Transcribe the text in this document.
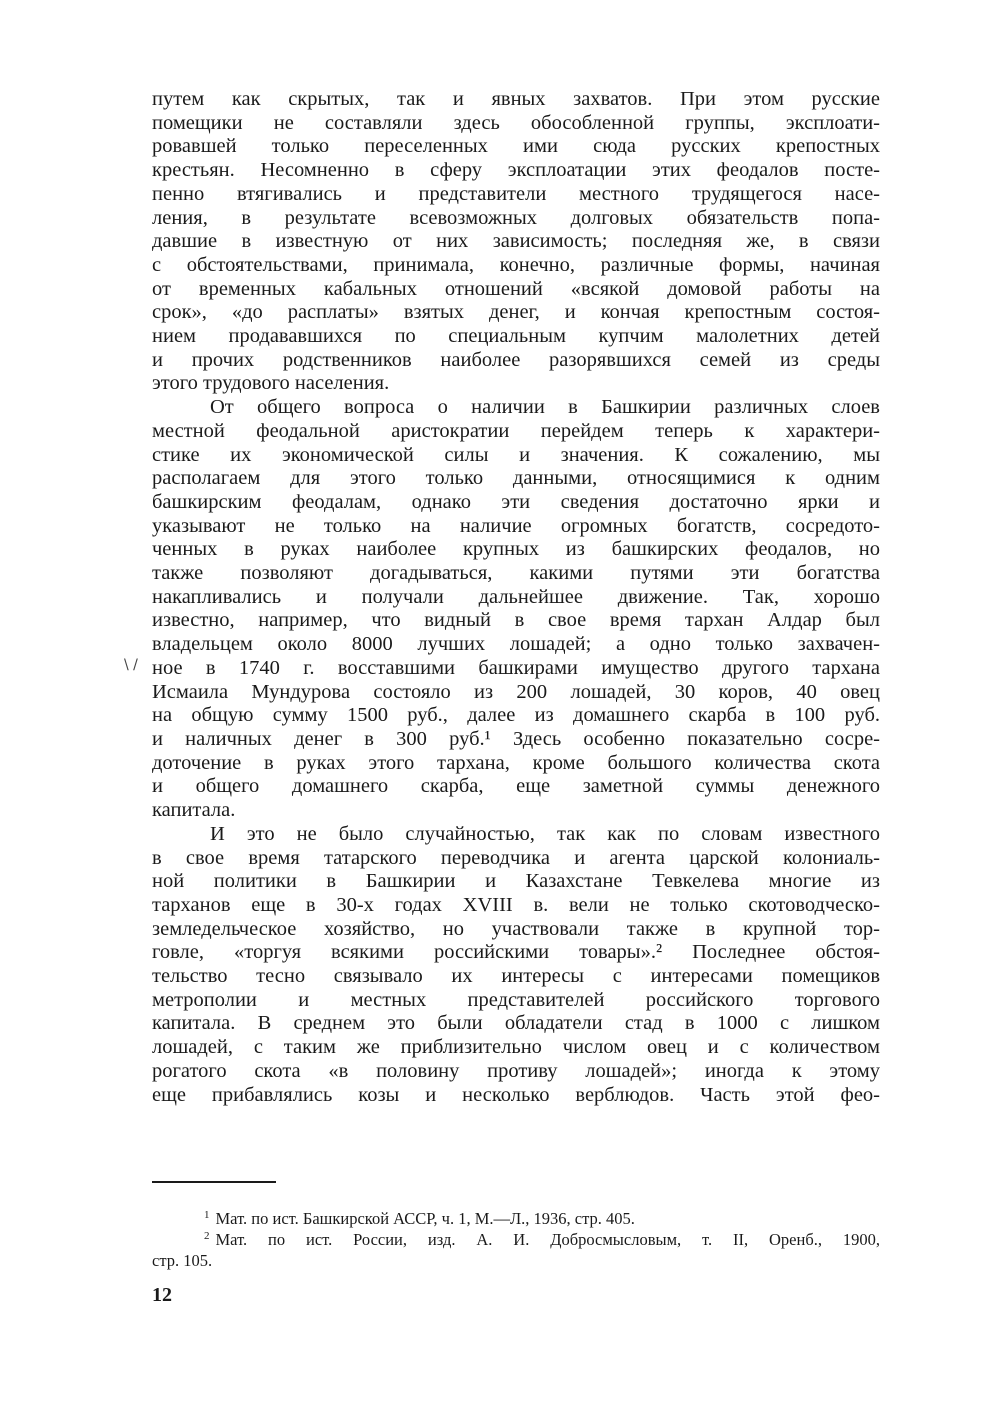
путем как скрытых, так и явных захватов. При этом русские
помещики не составляли здесь обособленной группы, эксплоати-
ровавшей только переселенных ими сюда русских крепостных
крестьян. Несомненно в сферу эксплоатации этих феодалов посте-
пенно втягивались и представители местного трудящегося насе-
ления, в результате всевозможных долговых обязательств попа-
давшие в известную от них зависимость; последняя же, в связи
с обстоятельствами, принимала, конечно, различные формы, начиная
от временных кабальных отношений «всякой домовой работы на
срок», «до расплаты» взятых денег, и кончая крепостным состоя-
нием продававшихся по специальным купчим малолетних детей
и прочих родственников наиболее разорявшихся семей из среды
этого трудового населения.

От общего вопроса о наличии в Башкирии различных слоев
местной феодальной аристократии перейдем теперь к характери-
стике их экономической силы и значения. К сожалению, мы
располагаем для этого только данными, относящимися к одним
башкирским феодалам, однако эти сведения достаточно ярки и
указывают не только на наличие огромных богатств, сосредото-
ченных в руках наиболее крупных из башкирских феодалов, но
также позволяют догадываться, какими путями эти богатства
накапливались и получали дальнейшее движение. Так, хорошо
известно, например, что видный в свое время тархан Алдар был
владельцем около 8000 лучших лошадей; а одно только захвачен-
ное в 1740 г. восставшими башкирами имущество другого тархана
Исмаила Мундурова состояло из 200 лошадей, 30 коров, 40 овец
на общую сумму 1500 руб., далее из домашнего скарба в 100 руб.
и наличных денег в 300 руб.¹ Здесь особенно показательно сосре-
доточение в руках этого тархана, кроме большого количества скота
и общего домашнего скарба, еще заметной суммы денежного
капитала.

И это не было случайностью, так как по словам известного
в свое время татарского переводчика и агента царской колониаль-
ной политики в Башкирии и Казахстане Тевкелева многие из
тарханов еще в 30-х годах XVIII в. вели не только скотоводческо-
земледельческое хозяйство, но участвовали также в крупной тор-
говле, «торгуя всякими российскими товары».² Последнее обстоя-
тельство тесно связывало их интересы с интересами помещиков
метрополии и местных представителей российского торгового
капитала. В среднем это были обладатели стад в 1000 с лишком
лошадей, с таким же приблизительно числом овец и с количеством
рогатого скота «в половину противу лошадей»; иногда к этому
еще прибавлялись козы и несколько верблюдов. Часть этой фео-

\ /
$^1$ Мат. по ист. Башкирской АССР, ч. 1, М.—Л., 1936, стр. 405.
$^2$ Мат. по ист. России, изд. А. И. Добросмысловым, т. II, Оренб., 1900,
стр. 105.
12
